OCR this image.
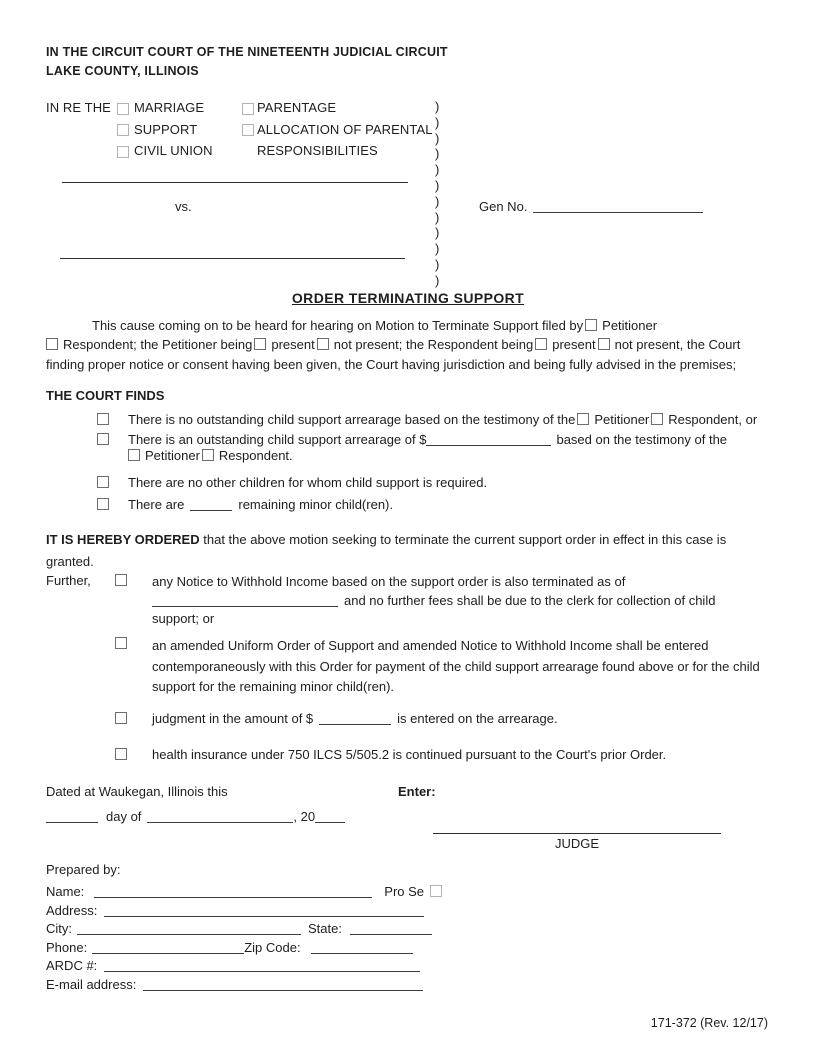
IN THE CIRCUIT COURT OF THE NINETEENTH JUDICIAL CIRCUIT
LAKE COUNTY, ILLINOIS
IN RE THE MARRIAGE
SUPPORT
CIVIL UNION
PARENTAGE
ALLOCATION OF PARENTAL
RESPONSIBILITIES
)
)
)
)
)
)
)
)
)
)
)
)
vs.	Gen No.
ORDER TERMINATING SUPPORT
This cause coming on to be heard for hearing on Motion to Terminate Support filed by Petitioner
Respondent; the Petitioner being present not present; the Respondent being present not present, the Court
finding proper notice or consent having been given, the Court having jurisdiction and being fully advised in the premises;
THE COURT FINDS
There is no outstanding child support arrearage based on the testimony of the Petitioner Respondent, or
There is an outstanding child support arrearage of $	based on the testimony of the
Petitioner Respondent.
There are no other children for whom child support is required.
There are	remaining minor child(ren).
IT IS HEREBY ORDERED that the above motion seeking to terminate the current support order in effect in this case is
granted.
Further,	any Notice to Withhold Income based on the support order is also terminated as of
and no further fees shall be due to the clerk for collection of child
support; or
an amended Uniform Order of Support and amended Notice to Withhold Income shall be entered
contemporaneously with this Order for payment of the child support arrearage found above or for the child
support for the remaining minor child(ren).
judgment in the amount of $	is entered on the arrearage.
health insurance under 750 ILCS 5/505.2 is continued pursuant to the Court's prior Order.
Dated at Waukegan, Illinois this	Enter:
day of	, 20
JUDGE
Prepared by:
Name:	Pro Se
Address:
City:	State:
Phone:	Zip Code:
ARDC #:
E-mail address:
171-372 (Rev. 12/17)
